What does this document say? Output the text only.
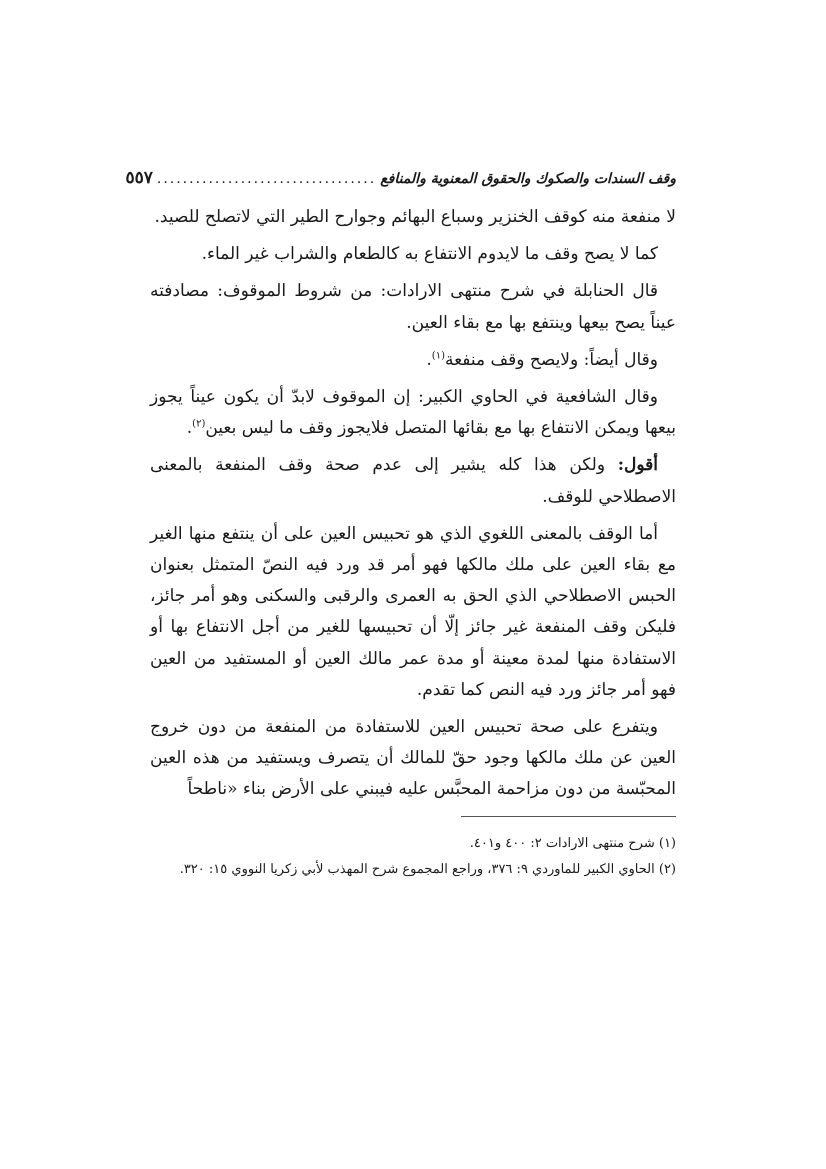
وقف السندات والصكوك والحقوق المعنوية والمنافع
..................................
٥٥٧

لا منفعة منه كوقف الخنزير وسباع البهائم وجوارح الطير التي لاتصلح للصيد.

كما لا يصح وقف ما لايدوم الانتفاع به كالطعام والشراب غير الماء.

قال الحنابلة في شرح منتهى الارادات: من شروط الموقوف: مصادفته عيناً يصح بيعها وينتفع بها مع بقاء العين.

وقال أيضاً: ولايصح وقف منفعة$^{(١)}$.

وقال الشافعية في الحاوي الكبير: إن الموقوف لابدّ أن يكون عيناً يجوز بيعها ويمكن الانتفاع بها مع بقائها المتصل فلايجوز وقف ما ليس بعين$^{(٢)}$.

أقول: ولكن هذا كله يشير إلى عدم صحة وقف المنفعة بالمعنى الاصطلاحي للوقف.

أما الوقف بالمعنى اللغوي الذي هو تحبيس العين على أن ينتفع منها الغير مع بقاء العين على ملك مالكها فهو أمر قد ورد فيه النصّ المتمثل بعنوان الحبس الاصطلاحي الذي الحق به العمرى والرقبى والسكنى وهو أمر جائز، فليكن وقف المنفعة غير جائز إلّا أن تحبيسها للغير من أجل الانتفاع بها أو الاستفادة منها لمدة معينة أو مدة عمر مالك العين أو المستفيد من العين فهو أمر جائز ورد فيه النص كما تقدم.

ويتفرع على صحة تحبيس العين للاستفادة من المنفعة من دون خروج العين عن ملك مالكها وجود حقّ للمالك أن يتصرف ويستفيد من هذه العين المحبّسة من دون مزاحمة المحبَّس عليه فيبني على الأرض بناء «ناطحاً

(١) شرح منتهى الارادات ٢: ٤٠٠ و٤٠١.

(٢) الحاوي الكبير للماوردي ٩: ٣٧٦، وراجع المجموع شرح المهذب لأبي زكريا النووي ١٥: ٣٢٠.
